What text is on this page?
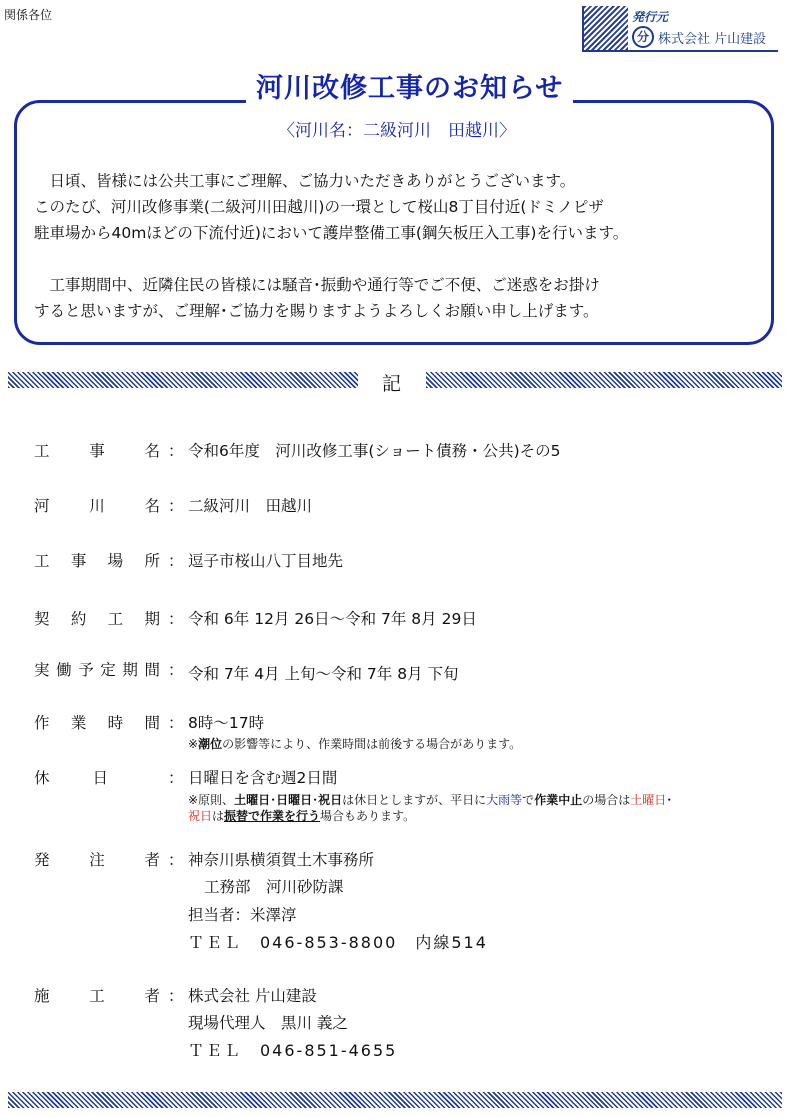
関係各位	発行元
分 株式会社 片山建設
河川改修工事のお知らせ
〈河川名：二級河川　田越川〉

　日頃、皆様には公共工事にご理解、ご協力いただきありがとうございます。
このたび、河川改修事業(二級河川田越川)の一環として桜山8丁目付近(ドミノピザ
駐車場から40mほどの下流付近)において護岸整備工事(鋼矢板圧入工事)を行います。

　工事期間中、近隣住民の皆様には騒音･振動や通行等でご不便、ご迷惑をお掛け
すると思いますが、ご理解･ご協力を賜りますようよろしくお願い申し上げます。

記
工	事	名 ： 令和6年度　河川改修工事(ショート債務・公共)その5
河	川	名 ： 二級河川　田越川
工 事 場 所 ： 逗子市桜山八丁目地先
契 約 工 期 ： 令和 6年 12月 26日～令和 7年 8月 29日
実 働 予 定 期 間 ： 令和 7年 4月 上旬～令和 7年 8月 下旬
作 業 時 間 ： 8時～17時
※潮位の影響等により、作業時間は前後する場合があります。
休	日	： 日曜日を含む週2日間
※原則、土曜日･日曜日･祝日は休日としますが、平日に大雨等で作業中止の場合は土曜日･
祝日は振替で作業を行う場合もあります。
発	注	者 ： 神奈川県横須賀土木事務所
工務部　河川砂防課
担当者：米澤淳
ＴＥＬ　046-853-8800　内線514
施	工	者 ： 株式会社 片山建設
現場代理人　黒川 義之
ＴＥＬ　046-851-4655
